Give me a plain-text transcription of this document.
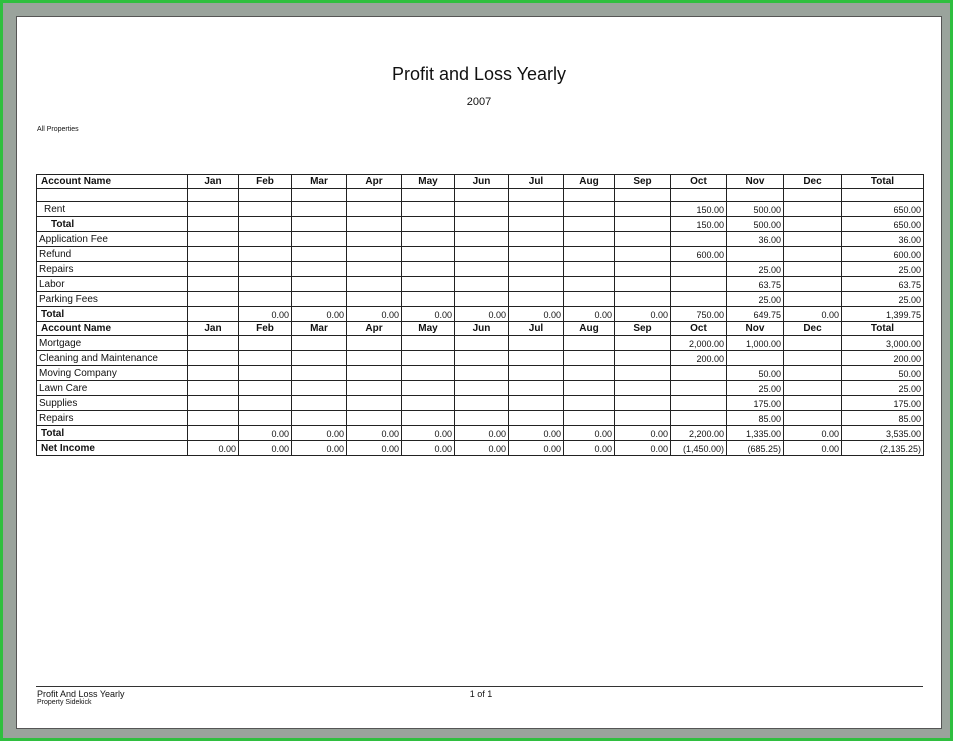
Profit and Loss Yearly
2007
All Properties
Account Name	Jan	Feb	Mar	Apr	May	Jun	Jul	Aug	Sep	Oct	Nov	Dec	Total

Rent										150.00	500.00		650.00
Total										150.00	500.00		650.00
Application Fee											36.00		36.00
Refund										600.00			600.00
Repairs											25.00		25.00
Labor											63.75		63.75
Parking Fees											25.00		25.00
Total		0.00	0.00	0.00	0.00	0.00	0.00	0.00	0.00	750.00	649.75	0.00	1,399.75
Account Name	Jan	Feb	Mar	Apr	May	Jun	Jul	Aug	Sep	Oct	Nov	Dec	Total
Mortgage										2,000.00	1,000.00		3,000.00
Cleaning and Maintenance										200.00			200.00
Moving Company											50.00		50.00
Lawn Care											25.00		25.00
Supplies											175.00		175.00
Repairs											85.00		85.00
Total		0.00	0.00	0.00	0.00	0.00	0.00	0.00	0.00	2,200.00	1,335.00	0.00	3,535.00
Net Income	0.00	0.00	0.00	0.00	0.00	0.00	0.00	0.00	0.00	(1,450.00)	(685.25)	0.00	(2,135.25)
Profit And Loss Yearly
Property Sidekick
1 of 1
